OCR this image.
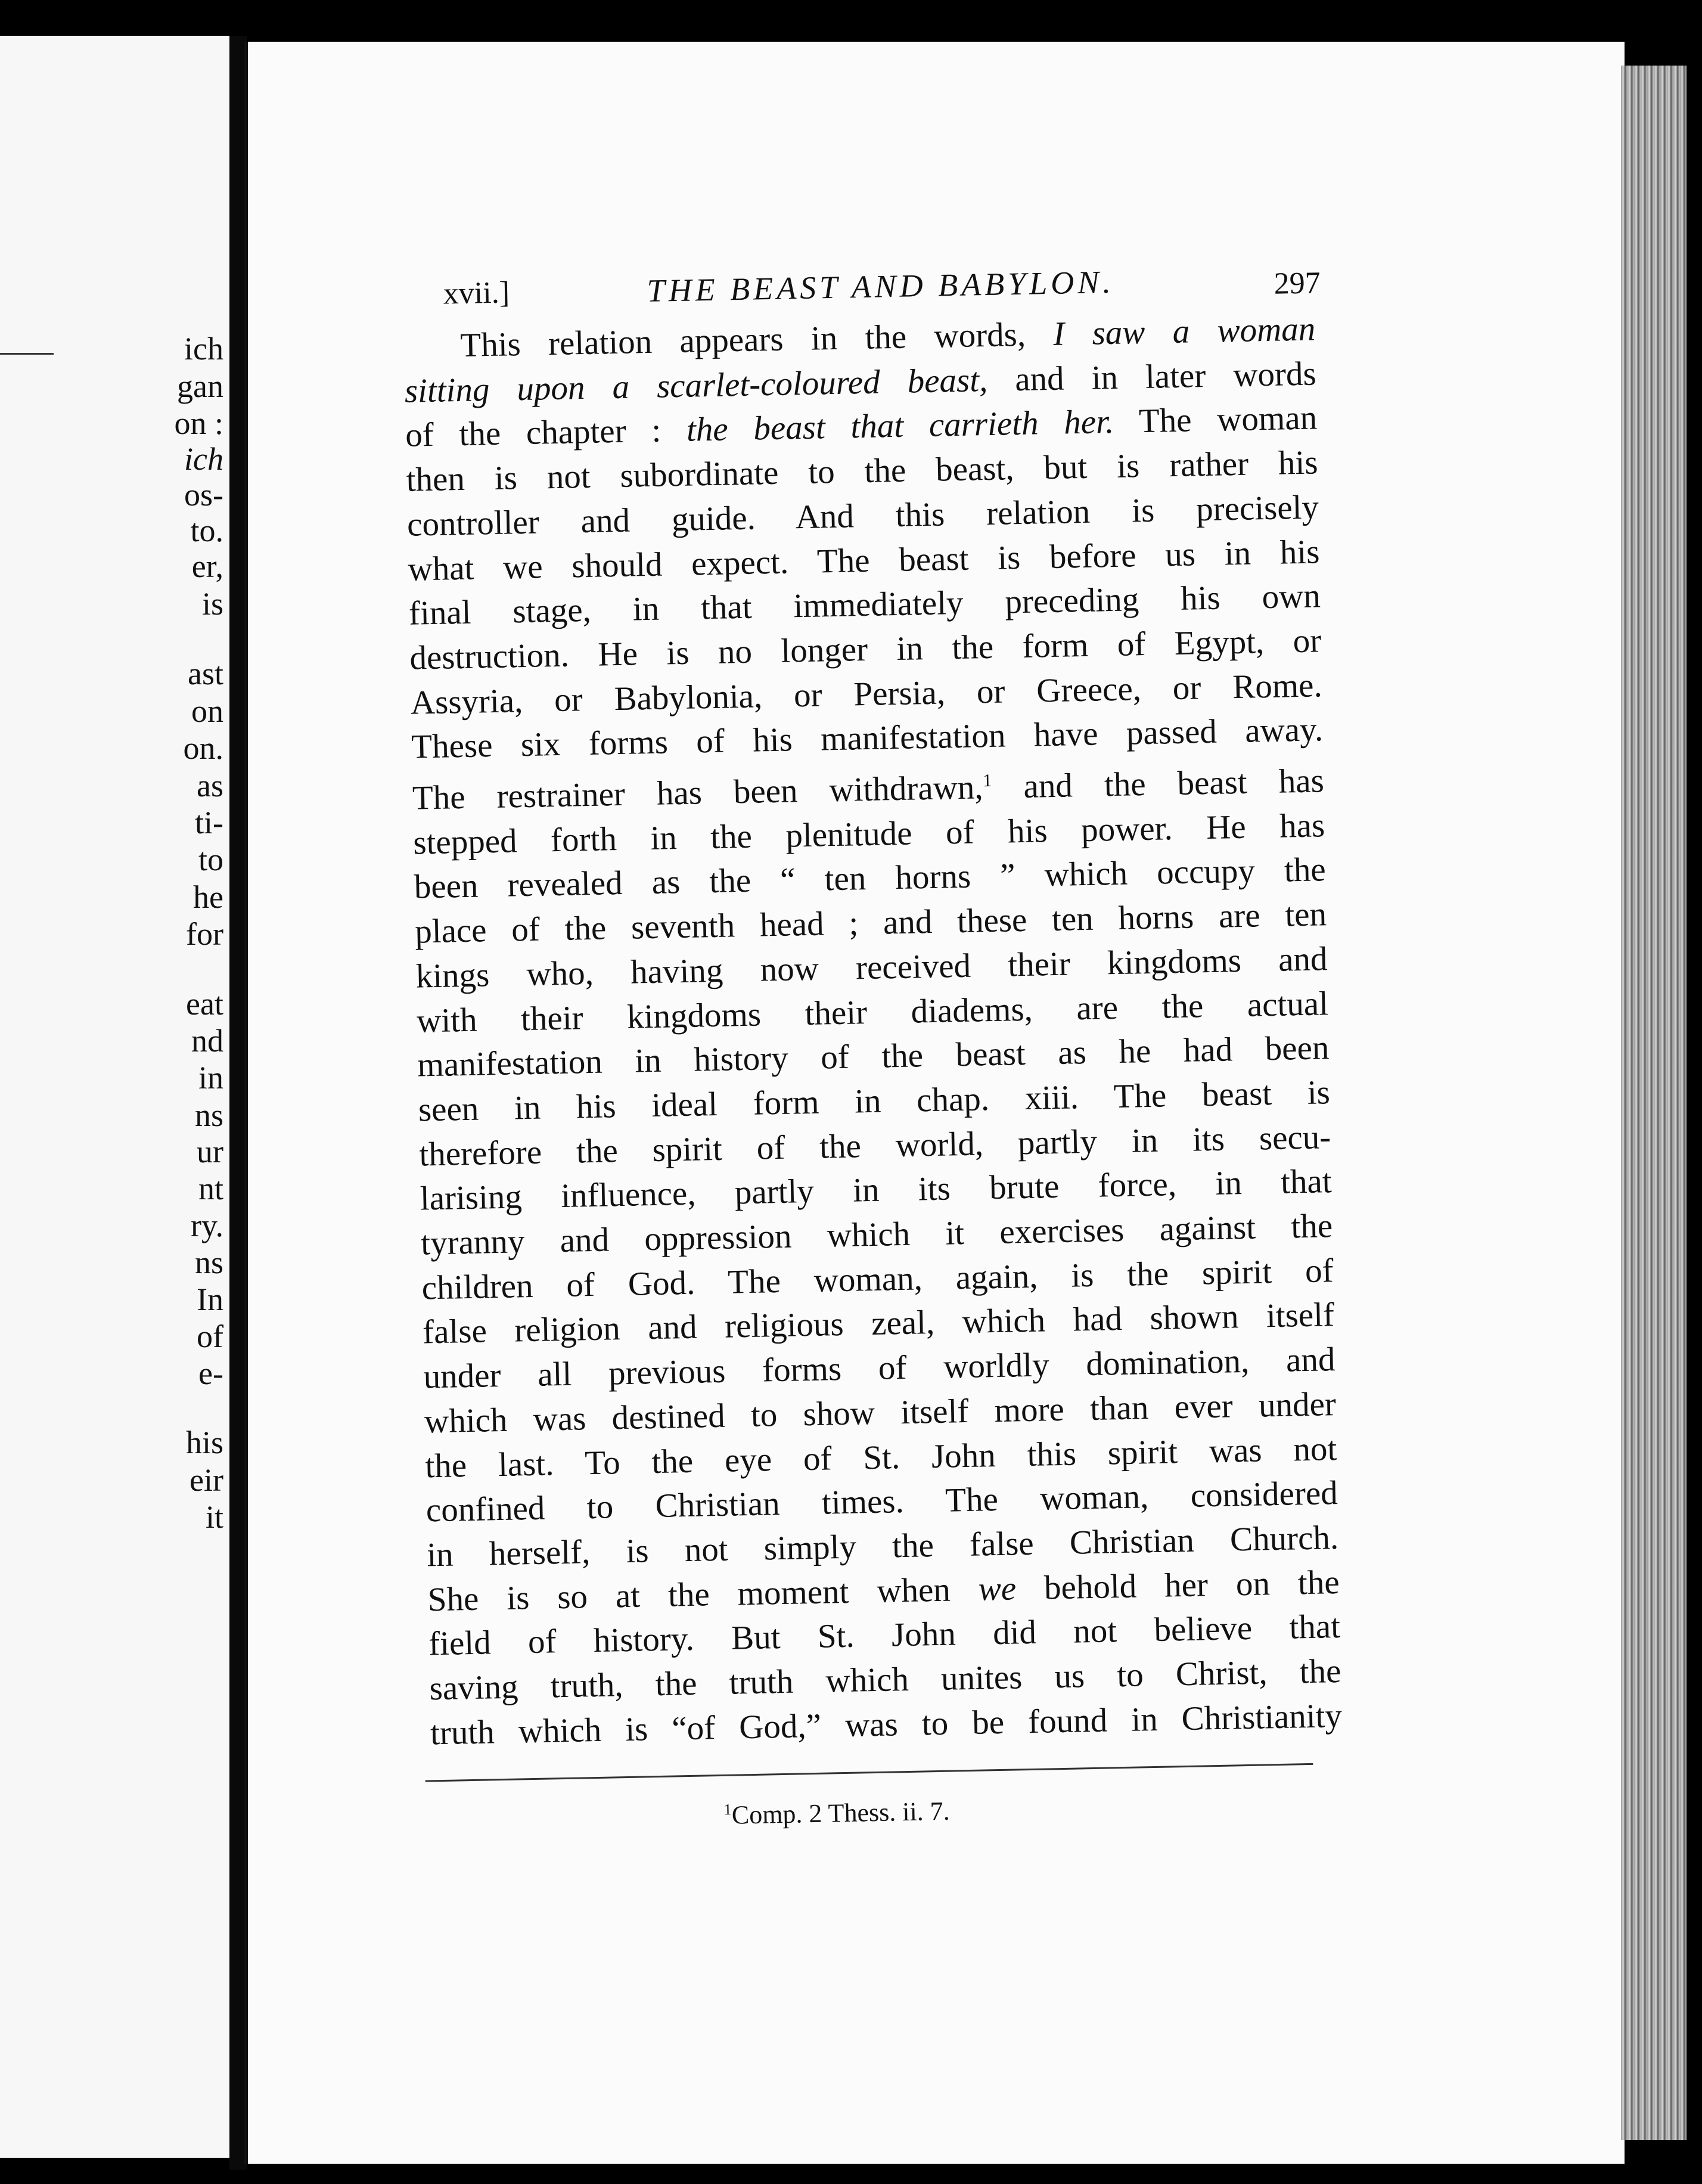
ich
gan
on :
ich
os-
to.
er,
is
ast
on
on.
as
ti-
to
he
for
eat
nd
in
ns
ur
nt
ry.
ns
In
of
e-
his
eir
it
xvii.]	THE BEAST AND BABYLON.	297

This relation appears in the words, I saw a woman

sitting upon a scarlet-coloured beast, and in later words

of the chapter : the beast that carrieth her. The woman

then is not subordinate to the beast, but is rather his

controller and guide. And this relation is precisely

what we should expect. The beast is before us in his

final stage, in that immediately preceding his own

destruction. He is no longer in the form of Egypt, or

Assyria, or Babylonia, or Persia, or Greece, or Rome.

These six forms of his manifestation have passed away.

The restrainer has been withdrawn,$^1$ and the beast has

stepped forth in the plenitude of his power. He has

been revealed as the “ ten horns ” which occupy the

place of the seventh head ; and these ten horns are ten

kings who, having now received their kingdoms and

with their kingdoms their diadems, are the actual

manifestation in history of the beast as he had been

seen in his ideal form in chap. xiii. The beast is

therefore the spirit of the world, partly in its secu-

larising influence, partly in its brute force, in that

tyranny and oppression which it exercises against the

children of God. The woman, again, is the spirit of

false religion and religious zeal, which had shown itself

under all previous forms of worldly domination, and

which was destined to show itself more than ever under

the last. To the eye of St. John this spirit was not

confined to Christian times. The woman, considered

in herself, is not simply the false Christian Church.

She is so at the moment when we behold her on the

field of history. But St. John did not believe that

saving truth, the truth which unites us to Christ, the

truth which is “of God,” was to be found in Christianity

$^1$Comp. 2 Thess. ii. 7.
